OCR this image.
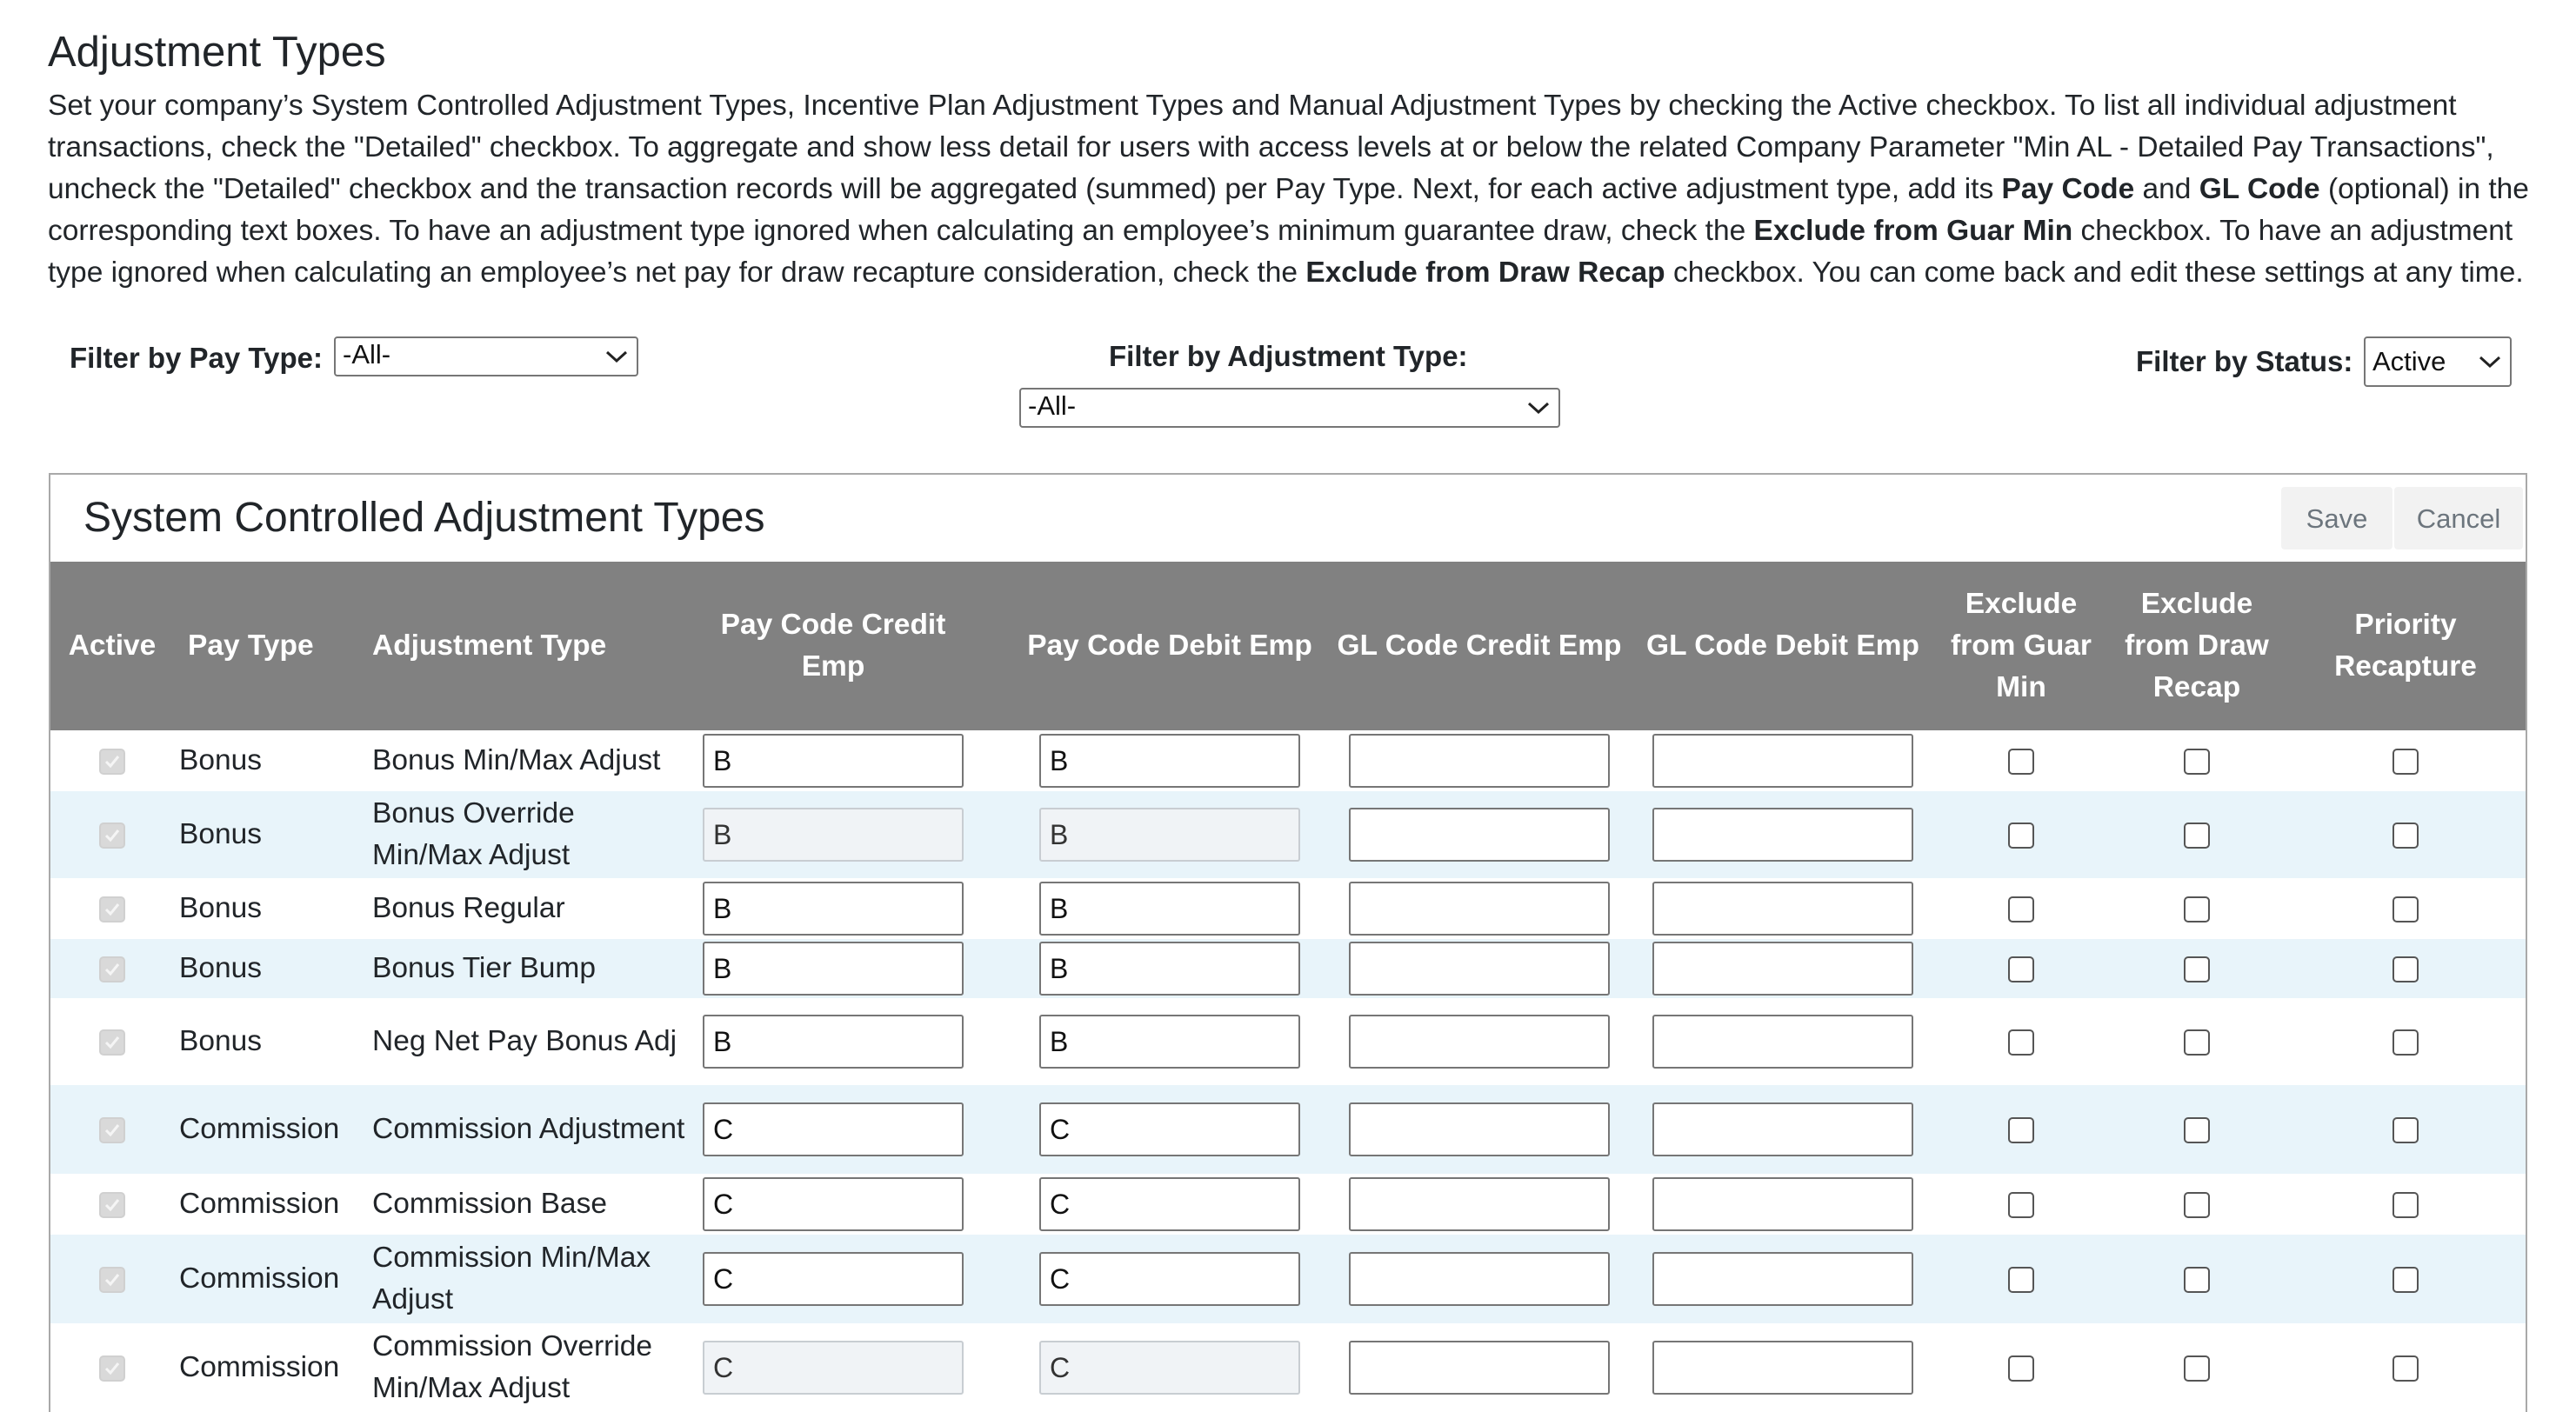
Adjustment Types

Set your company’s System Controlled Adjustment Types, Incentive Plan Adjustment Types and Manual Adjustment Types by checking the Active checkbox. To list all individual adjustment transactions, check the "Detailed" checkbox. To aggregate and show less detail for users with access levels at or below the related Company Parameter "Min AL - Detailed Pay Transactions", uncheck the "Detailed" checkbox and the transaction records will be aggregated (summed) per Pay Type. Next, for each active adjustment type, add its Pay Code and GL Code (optional) in the corresponding text boxes. To have an adjustment type ignored when calculating an employee’s minimum guarantee draw, check the Exclude from Guar Min checkbox. To have an adjustment type ignored when calculating an employee’s net pay for draw recapture consideration, check the Exclude from Draw Recap checkbox. You can come back and edit these settings at any time.

Filter by Pay Type: -All-	Filter by Adjustment Type:
-All-
Filter by Status: Active
System Controlled Adjustment Types	Save	Cancel
Active	Pay Type	Adjustment Type	Pay Code Credit Emp	Pay Code Debit Emp	GL Code Credit Emp	GL Code Debit Emp	Exclude from Guar Min	Exclude from Draw Recap	Priority Recapture

	Bonus	Bonus Min/Max Adjust	B	B					

	Bonus	Bonus Override Min/Max Adjust	B	B					

	Bonus	Bonus Regular	B	B					

	Bonus	Bonus Tier Bump	B	B					

	Bonus	Neg Net Pay Bonus Adj	B	B					

	Commission	Commission Adjustment	C	C					

	Commission	Commission Base	C	C					

	Commission	Commission Min/Max Adjust	C	C					

	Commission	Commission Override Min/Max Adjust	C	C					
